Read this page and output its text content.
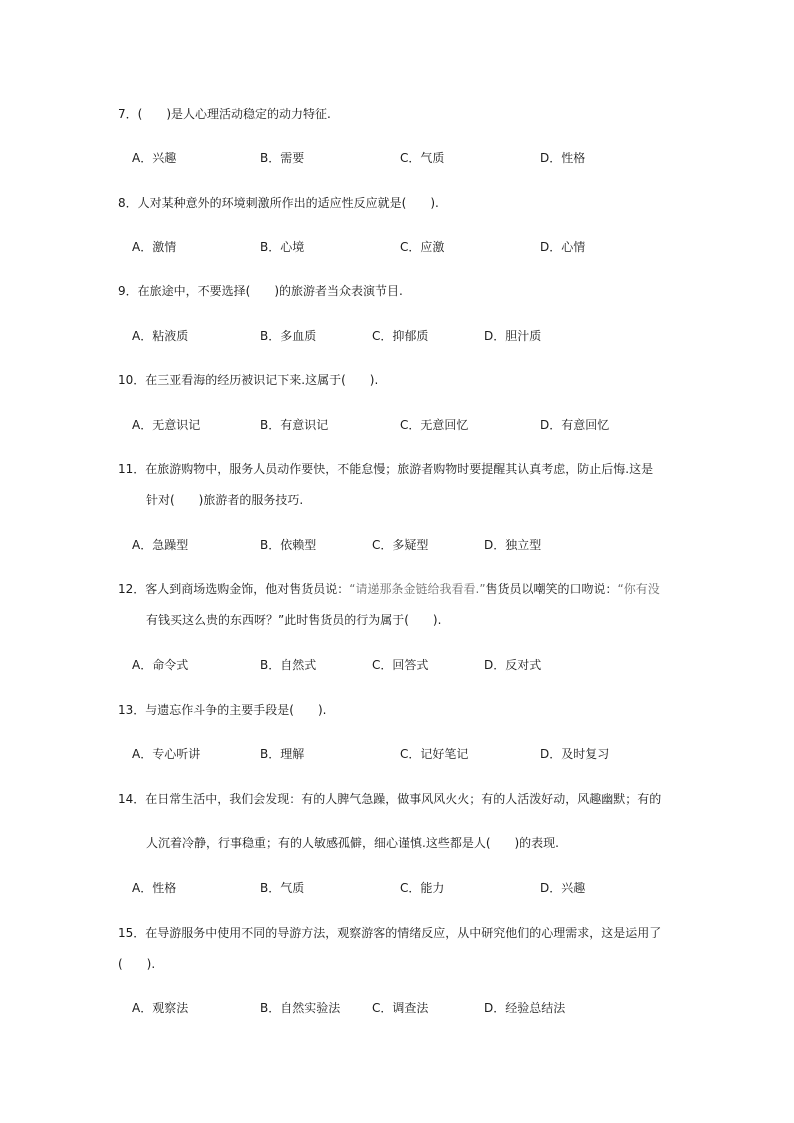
7．(　　)是人心理活动稳定的动力特征.
A．兴趣	B．需要	C．气质	D．性格
8．人对某种意外的环境刺激所作出的适应性反应就是(　　).
A．激情	B．心境	C．应激	D．心情
9．在旅途中，不要选择(　　)的旅游者当众表演节目.
A．粘液质	B．多血质	C．抑郁质	D．胆汁质
10．在三亚看海的经历被识记下来.这属于(　　).
A．无意识记	B．有意识记	C．无意回忆	D．有意回忆
11．在旅游购物中，服务人员动作要快，不能怠慢；旅游者购物时要提醒其认真考虑，防止后悔.这是
针对(　　)旅游者的服务技巧.
A．急躁型	B．依赖型	C．多疑型	D．独立型
12．客人到商场选购金饰，他对售货员说：“请递那条金链给我看看.”售货员以嘲笑的口吻说：“你有没
有钱买这么贵的东西呀？”此时售货员的行为属于(　　).
A．命令式	B．自然式	C．回答式	D．反对式
13．与遗忘作斗争的主要手段是(　　).
A．专心听讲	B．理解	C．记好笔记	D．及时复习
14．在日常生活中，我们会发现：有的人脾气急躁，做事风风火火；有的人活泼好动，风趣幽默；有的
人沉着冷静，行事稳重；有的人敏感孤僻，细心谨慎.这些都是人(　　)的表现.
A．性格	B．气质	C．能力	D．兴趣
15．在导游服务中使用不同的导游方法，观察游客的情绪反应，从中研究他们的心理需求，这是运用了
(　　).
A．观察法	B．自然实验法	C．调查法	D．经验总结法
